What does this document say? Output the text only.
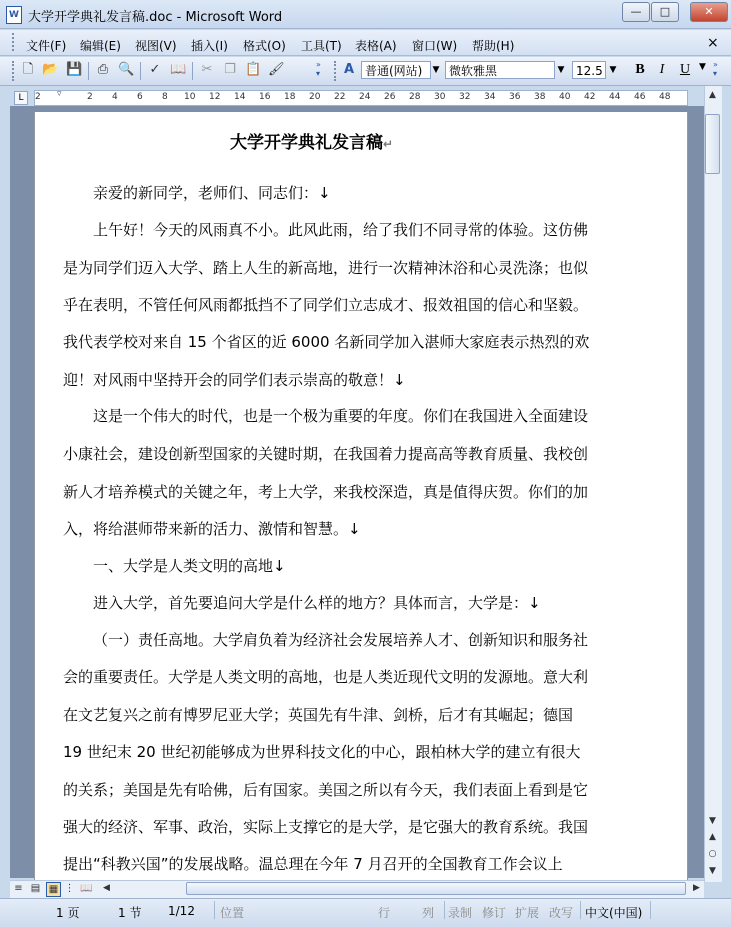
W 大学开学典礼发言稿.doc - Microsoft Word	—	□	✕
文件(F) 编辑(E) 视图(V) 插入(I) 格式(O) 工具(T) 表格(A) 窗口(W) 帮助(H)	×
🗋 📂 💾 ⎙ 🔍 ✓ 📖 ✂ ❐ 📋 🖌	»
▾	A 普通(网站)	▼ 微软雅黑	▼ 12.5 ▼	B	I	U ▼ »
▾
L	2 ▿	2 4 6 8 10 12 14 16 18 20 22 24 26 28 30 32 34 36 38 40 42 44 46 48
大学开学典礼发言稿↵
亲爱的新同学，老师们、同志们：↓
上午好！今天的风雨真不小。此风此雨，给了我们不同寻常的体验。这仿佛
是为同学们迈入大学、踏上人生的新高地，进行一次精神沐浴和心灵洗涤；也似
乎在表明，不管任何风雨都抵挡不了同学们立志成才、报效祖国的信心和坚毅。
我代表学校对来自 15 个省区的近 6000 名新同学加入湛师大家庭表示热烈的欢
迎！对风雨中坚持开会的同学们表示崇高的敬意！↓
这是一个伟大的时代，也是一个极为重要的年度。你们在我国进入全面建设
小康社会，建设创新型国家的关键时期，在我国着力提高高等教育质量、我校创
新人才培养模式的关键之年，考上大学，来我校深造，真是值得庆贺。你们的加
入，将给湛师带来新的活力、激情和智慧。↓
一、大学是人类文明的高地↓
进入大学，首先要追问大学是什么样的地方？具体而言，大学是：↓
（一）责任高地。大学肩负着为经济社会发展培养人才、创新知识和服务社
会的重要责任。大学是人类文明的高地，也是人类近现代文明的发源地。意大利
在文艺复兴之前有博罗尼亚大学；英国先有牛津、剑桥，后才有其崛起；德国
19 世纪末 20 世纪初能够成为世界科技文化的中心，跟柏林大学的建立有很大
的关系；美国是先有哈佛，后有国家。美国之所以有今天，我们表面上看到是它
强大的经济、军事、政治，实际上支撑它的是大学，是它强大的教育系统。我国
提出“科教兴国”的发展战略。温总理在今年 7 月召开的全国教育工作会议上
▲
▼
▲
○
▼
≡ ▤ ▦ ⋮ 📖	◀	▶
1 页	1 节 1/12 位置	行	列 录制 修订 扩展 改写 中文(中国)
